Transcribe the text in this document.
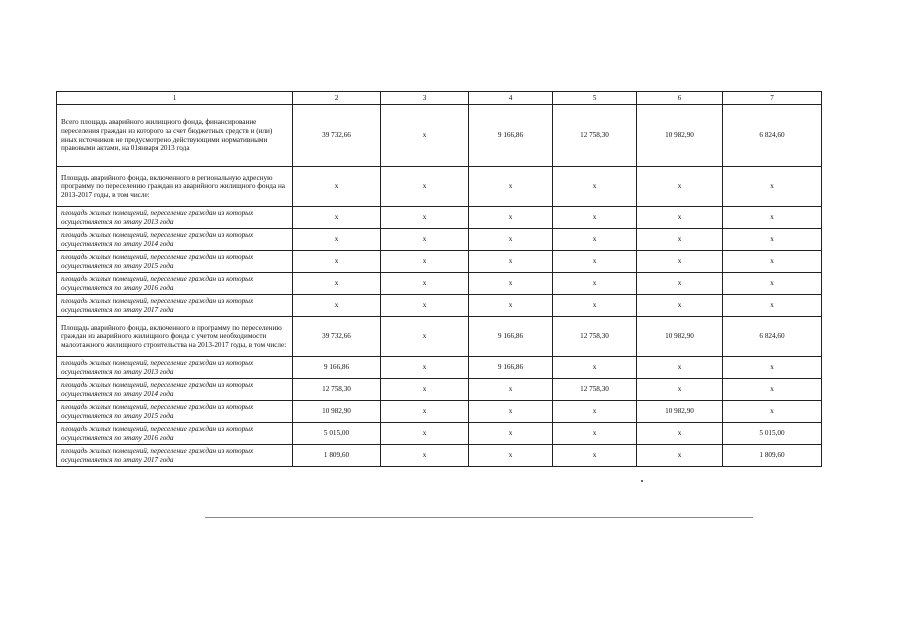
1	2	3	4	5	6	7
Всего площадь аварийного жилищного фонда, финансирование переселения граждан из которого за счет бюджетных средств и (или) иных источников не предусмотрено действующими нормативными правовыми актами, на 01января 2013 года	39 732,66	х	9 166,86	12 758,30	10 982,90	6 824,60
Площадь аварийного фонда, включенного в региональную адресную программу по переселению граждан из аварийного жилищного фонда на 2013-2017 годы, в том числе:	х	х	х	х	х	х
площадь жилых помещений, переселение граждан из которых осуществляется по этапу 2013 года	х	х	х	х	х	х
площадь жилых помещений, переселение граждан из которых осуществляется по этапу 2014 года	х	х	х	х	х	х
площадь жилых помещений, переселение граждан из которых осуществляется по этапу 2015 года	х	х	х	х	х	х
площадь жилых помещений, переселение граждан из которых осуществляется по этапу 2016 года	х	х	х	х	х	х
площадь жилых помещений, переселение граждан из которых осуществляется по этапу 2017 года	х	х	х	х	х	х
Площадь аварийного фонда, включенного в программу по переселению граждан из аварийного жилищного фонда с учетом необходимости малоэтажного жилищного строительства на 2013-2017 годы, в том числе:	39 732,66	х	9 166,86	12 758,30	10 982,90	6 824,60
площадь жилых помещений, переселение граждан из которых осуществляется по этапу 2013 года	9 166,86	х	9 166,86	х	х	х
площадь жилых помещений, переселение граждан из которых осуществляется по этапу 2014 года	12 758,30	х	х	12 758,30	х	х
площадь жилых помещений, переселение граждан из которых осуществляется по этапу 2015 года	10 982,90	х	х	х	10 982,90	х
площадь жилых помещений, переселение граждан из которых осуществляется по этапу 2016 года	5 015,00	х	х	х	х	5 015,00
площадь жилых помещений, переселение граждан из которых осуществляется по этапу 2017 года	1 809,60	х	х	х	х	1 809,60
